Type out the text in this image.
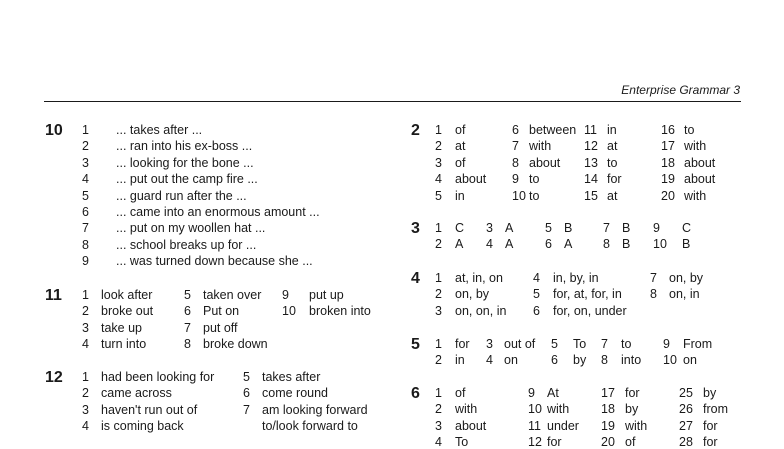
Enterprise Grammar 3
10 1 ... takes after ...
2 ... ran into his ex-boss ...
3 ... looking for the bone ...
4 ... put out the camp fire ...
5 ... guard run after the ...
6 ... came into an enormous amount ...
7 ... put on my woollen hat ...
8 ... school breaks up for ...
9 ... was turned down because she ...
11 1 look after	5 taken over 9 put up
2 broke out 6 Put on	10 broken into
3 take up	7 put off
4 turn into	8 broke down
12 1 had been looking for 5 takes after
2 came across	6 come round
3 haven't run out of	7 am looking forward
4 is coming back	to/look forward to
2 1 of	6 between 11 in	16 to
2 at	7 with	12 at	17 with
3 of	8 about 13 to	18 about
4 about 9 to	14 for	19 about
5 in	10 to	15 at	20 with
3 1 C 3 A	5 B 7 B 9 C
2 A 4 A	6 A 8 B 10 B
4 1 at, in, on 4 in, by, in	7 on, by
2 on, by	5 for, at, for, in 8 on, in
3 on, on, in 6 for, on, under
5 1 for 3 out of 5 To 7 to	9 From
2 in 4 on	6 by 8 into 10 on
6 1 of	9 At	17 for	25 by
2 with	10 with	18 by	26 from
3 about	11 under 19 with	27 for
4 To	12 for	20 of	28 for
